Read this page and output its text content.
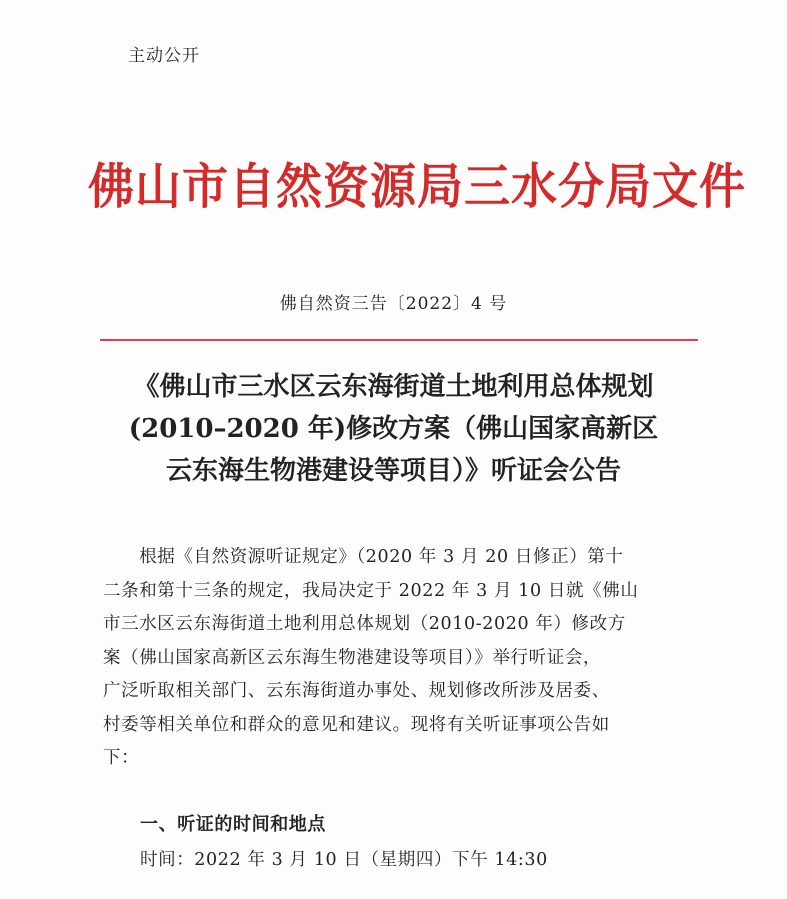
主动公开
佛山市自然资源局三水分局文件
佛自然资三告〔2022〕4 号
《佛山市三水区云东海街道土地利用总体规划
(2010–2020 年)修改方案（佛山国家高新区
云东海生物港建设等项目）》听证会公告
　　根据《自然资源听证规定》（2020 年 3 月 20 日修正）第十
二条和第十三条的规定，我局决定于 2022 年 3 月 10 日就《佛山
市三水区云东海街道土地利用总体规划（2010-2020 年）修改方
案（佛山国家高新区云东海生物港建设等项目）》举行听证会，
广泛听取相关部门、云东海街道办事处、规划修改所涉及居委、
村委等相关单位和群众的意见和建议。现将有关听证事项公告如
下：
一、听证的时间和地点
时间：2022 年 3 月 10 日（星期四）下午 14:30
